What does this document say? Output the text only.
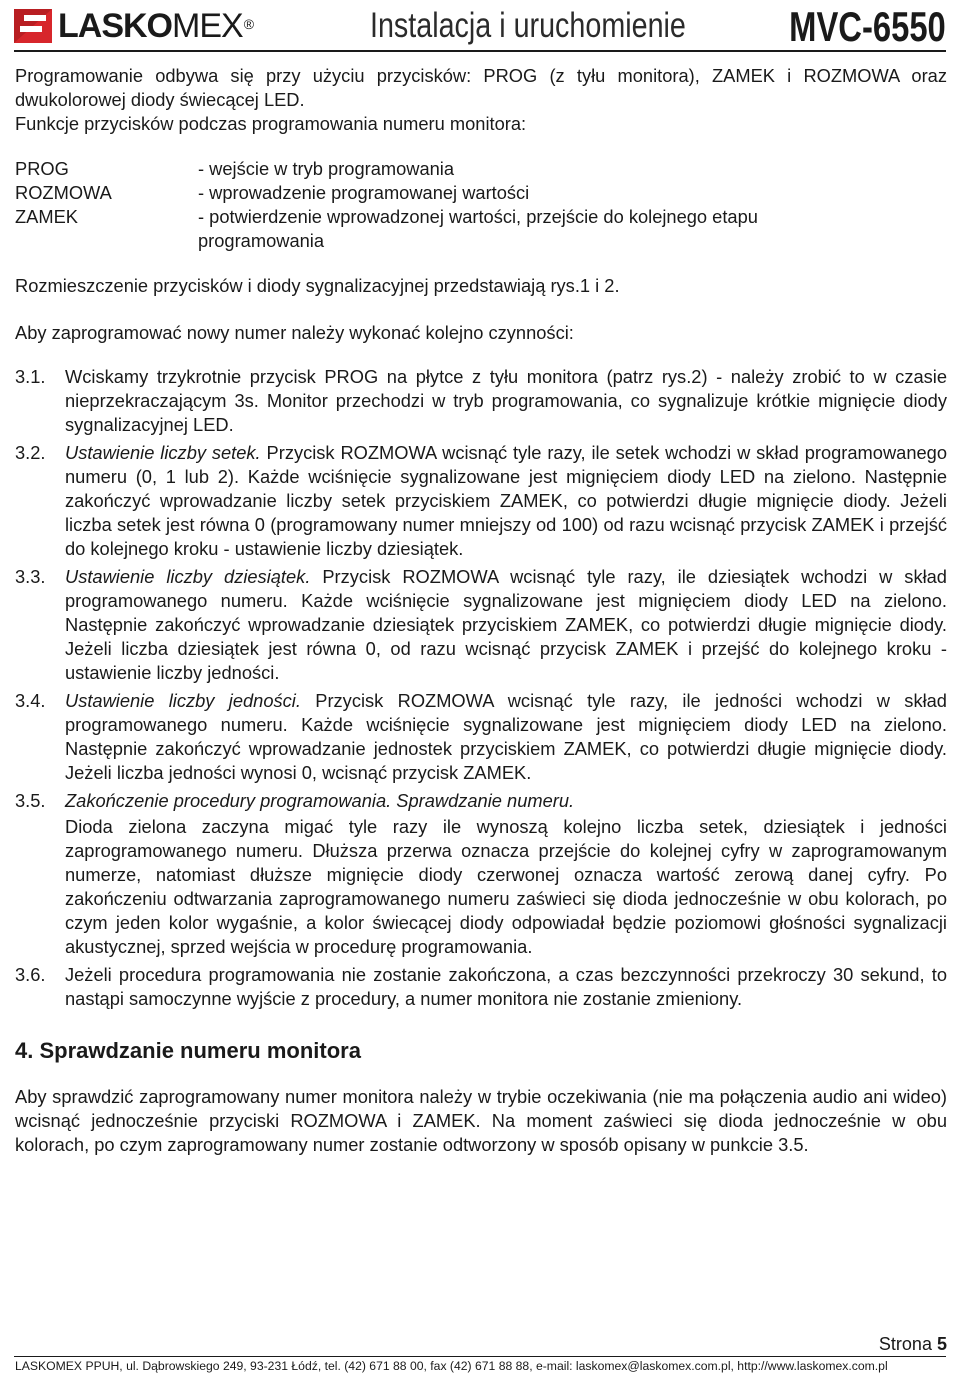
LASKOMEX®	Instalacja i uruchomienie MVC-6550

Programowanie odbywa się przy użyciu przycisków: PROG (z tyłu monitora), ZAMEK i ROZMOWA oraz dwukolorowej diody świecącej LED.

Funkcje przycisków podczas programowania numeru monitora:

PROG	- wejście w tryb programowania
ROZMOWA	- wprowadzenie programowanej wartości
ZAMEK	- potwierdzenie wprowadzonej wartości, przejście do kolejnego etapu programowania

Rozmieszczenie przycisków i diody sygnalizacyjnej przedstawiają rys.1 i 2.

Aby zaprogramować nowy numer należy wykonać kolejno czynności:

3.1.	Wciskamy trzykrotnie przycisk PROG na płytce z tyłu monitora (patrz rys.2) - należy zrobić to w czasie nieprzekraczającym 3s. Monitor przechodzi w tryb programowania, co sygnalizuje krótkie mignięcie diody sygnalizacyjnej LED.
3.2.	Ustawienie liczby setek. Przycisk ROZMOWA wcisnąć tyle razy, ile setek wchodzi w skład programowanego numeru (0, 1 lub 2). Każde wciśnięcie sygnalizowane jest mignięciem diody LED na zielono. Następnie zakończyć wprowadzanie liczby setek przyciskiem ZAMEK, co potwierdzi długie mignięcie diody. Jeżeli liczba setek jest równa 0 (programowany numer mniejszy od 100) od razu wcisnąć przycisk ZAMEK i przejść do kolejnego kroku - ustawienie liczby dziesiątek.
3.3.	Ustawienie liczby dziesiątek. Przycisk ROZMOWA wcisnąć tyle razy, ile dziesiątek wchodzi w skład programowanego numeru. Każde wciśnięcie sygnalizowane jest mignięciem diody LED na zielono. Następnie zakończyć wprowadzanie dziesiątek przyciskiem ZAMEK, co potwierdzi długie mignięcie diody. Jeżeli liczba dziesiątek jest równa 0, od razu wcisnąć przycisk ZAMEK i przejść do kolejnego kroku - ustawienie liczby jedności.
3.4.	Ustawienie liczby jedności. Przycisk ROZMOWA wcisnąć tyle razy, ile jedności wchodzi w skład programowanego numeru. Każde wciśnięcie sygnalizowane jest mignięciem diody LED na zielono. Następnie zakończyć wprowadzanie jednostek przyciskiem ZAMEK, co potwierdzi długie mignięcie diody. Jeżeli liczba jedności wynosi 0, wcisnąć przycisk ZAMEK.
3.5.	Zakończenie procedury programowania. Sprawdzanie numeru.
Dioda zielona zaczyna migać tyle razy ile wynoszą kolejno liczba setek, dziesiątek i jedności zaprogramowanego numeru. Dłuższa przerwa oznacza przejście do kolejnej cyfry w zaprogramowanym numerze, natomiast dłuższe mignięcie diody czerwonej oznacza wartość zerową danej cyfry. Po zakończeniu odtwarzania zaprogramowanego numeru zaświeci się dioda jednocześnie w obu kolorach, po czym jeden kolor wygaśnie, a kolor świecącej diody odpowiadał będzie poziomowi głośności sygnalizacji akustycznej, sprzed wejścia w procedurę programowania.
3.6.	Jeżeli procedura programowania nie zostanie zakończona, a czas bezczynności przekroczy 30 sekund, to nastąpi samoczynne wyjście z procedury, a numer monitora nie zostanie zmieniony.

4. Sprawdzanie numeru monitora

Aby sprawdzić zaprogramowany numer monitora należy w trybie oczekiwania (nie ma połączenia audio ani wideo) wcisnąć jednocześnie przyciski ROZMOWA i ZAMEK. Na moment zaświeci się dioda jednocześnie w obu kolorach, po czym zaprogramowany numer zostanie odtworzony w sposób opisany w punkcie 3.5.

Strona 5
LASKOMEX PPUH, ul. Dąbrowskiego 249, 93-231 Łódź, tel. (42) 671 88 00, fax (42) 671 88 88, e-mail: laskomex@laskomex.com.pl, http://www.laskomex.com.pl
